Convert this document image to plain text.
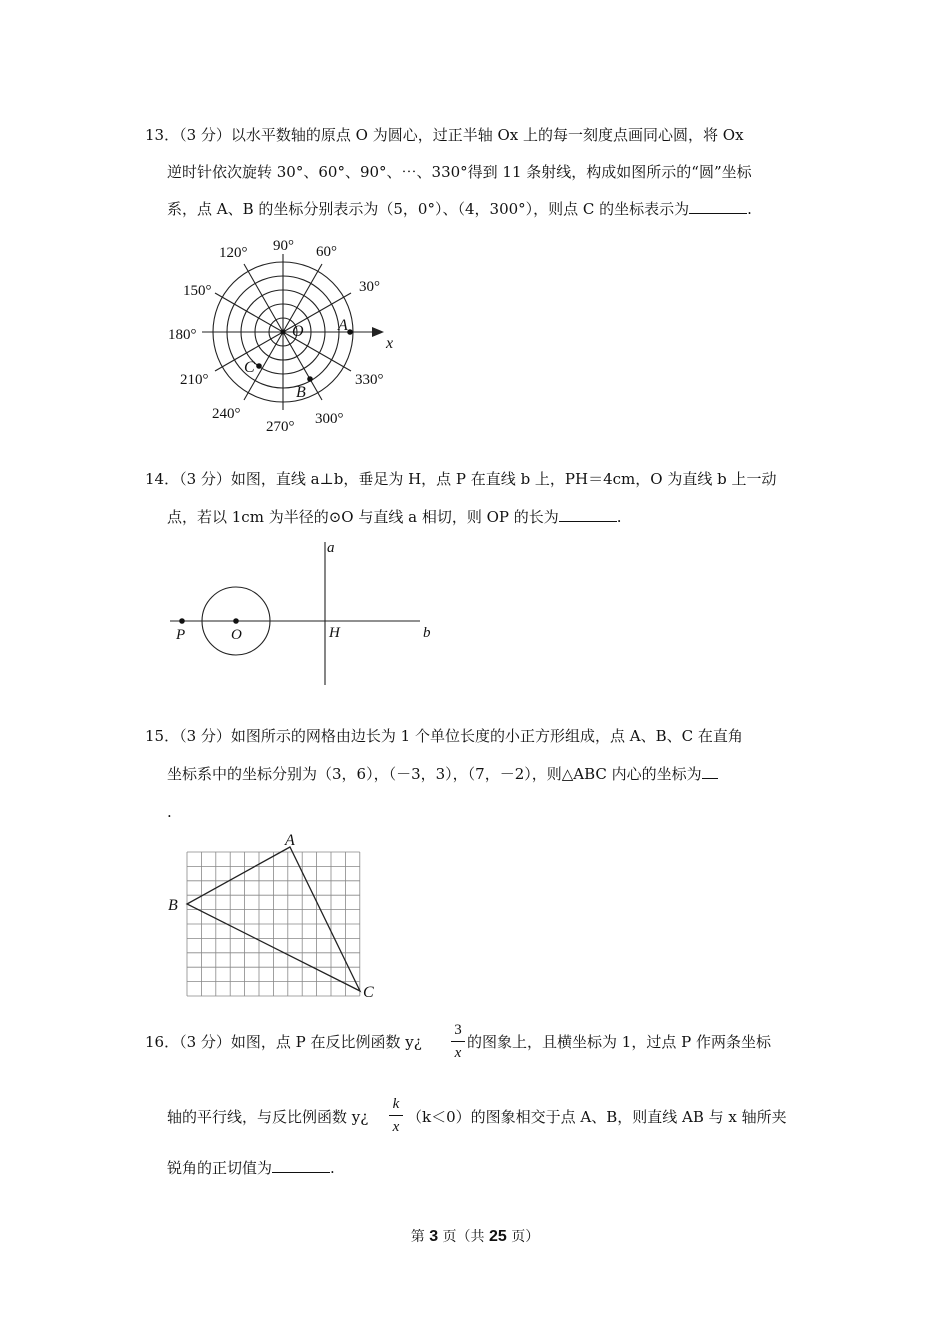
13．（3 分）以水平数轴的原点 O 为圆心，过正半轴 Ox 上的每一刻度点画同心圆，将 Ox
逆时针依次旋转 30°、60°、90°、⋯、330°得到 11 条射线，构成如图所示的“圆”坐标
系，点 A、B 的坐标分别表示为（5，0°）、（4，300°），则点 C 的坐标表示为	.
90° 60°
120°
150°	30°
180°
210°	330°
240°	300°
270°
O A
B
C
x
14．（3 分）如图，直线 a⊥b，垂足为 H，点 P 在直线 b 上，PH＝4cm，O 为直线 b 上一动
点，若以 1cm 为半径的⊙O 与直线 a 相切，则 OP 的长为	.
a
P	O	H	b
15．（3 分）如图所示的网格由边长为 1 个单位长度的小正方形组成，点 A、B、C 在直角
坐标系中的坐标分别为（3，6），（－3，3），（7，－2），则△ABC 内心的坐标为
.
A
B
C
16．（3 分）如图，点 P 在反比例函数 y¿
3
x
的图象上，且横坐标为 1，过点 P 作两条坐标
轴的平行线，与反比例函数 y¿
k
x
（k＜0）的图象相交于点 A、B，则直线 AB 与 x 轴所夹
锐角的正切值为	.
第 3 页（共 25 页）
